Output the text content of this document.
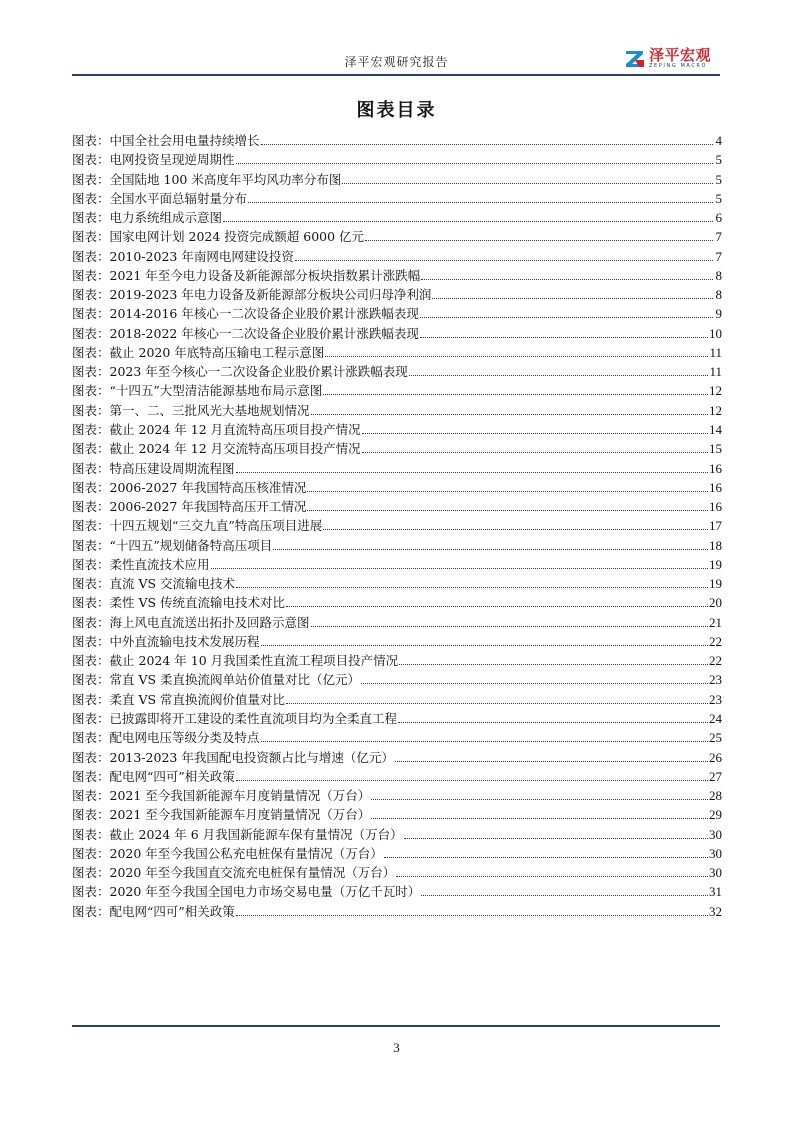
泽平宏观研究报告	泽平宏观
ZEPING MACRO
图表目录
图表：中国全社会用电量持续增长	4
图表：电网投资呈现逆周期性	5
图表：全国陆地 100 米高度年平均风功率分布图	5
图表：全国水平面总辐射量分布	5
图表：电力系统组成示意图	6
图表：国家电网计划 2024 投资完成额超 6000 亿元	7
图表：2010-2023 年南网电网建设投资	7
图表：2021 年至今电力设备及新能源部分板块指数累计涨跌幅	8
图表：2019-2023 年电力设备及新能源部分板块公司归母净利润	8
图表：2014-2016 年核心一二次设备企业股价累计涨跌幅表现	9
图表：2018-2022 年核心一二次设备企业股价累计涨跌幅表现	10
图表：截止 2020 年底特高压输电工程示意图	11
图表：2023 年至今核心一二次设备企业股价累计涨跌幅表现	11
图表：“十四五”大型清洁能源基地布局示意图	12
图表：第一、二、三批风光大基地规划情况	12
图表：截止 2024 年 12 月直流特高压项目投产情况	14
图表：截止 2024 年 12 月交流特高压项目投产情况	15
图表：特高压建设周期流程图	16
图表：2006-2027 年我国特高压核准情况	16
图表：2006-2027 年我国特高压开工情况	16
图表：十四五规划“三交九直”特高压项目进展	17
图表：“十四五”规划储备特高压项目	18
图表：柔性直流技术应用	19
图表：直流 VS 交流输电技术	19
图表：柔性 VS 传统直流输电技术对比	20
图表：海上风电直流送出拓扑及回路示意图	21
图表：中外直流输电技术发展历程	22
图表：截止 2024 年 10 月我国柔性直流工程项目投产情况	22
图表：常直 VS 柔直换流阀单站价值量对比（亿元）	23
图表：柔直 VS 常直换流阀价值量对比	23
图表：已披露即将开工建设的柔性直流项目均为全柔直工程	24
图表：配电网电压等级分类及特点	25
图表：2013-2023 年我国配电投资额占比与增速（亿元）	26
图表：配电网“四可”相关政策	27
图表：2021 至今我国新能源车月度销量情况（万台）	28
图表：2021 至今我国新能源车月度销量情况（万台）	29
图表：截止 2024 年 6 月我国新能源车保有量情况（万台）	30
图表：2020 年至今我国公私充电桩保有量情况（万台）	30
图表：2020 年至今我国直交流充电桩保有量情况（万台）	30
图表：2020 年至今我国全国电力市场交易电量（万亿千瓦时）	31
图表：配电网“四可”相关政策	32
3
